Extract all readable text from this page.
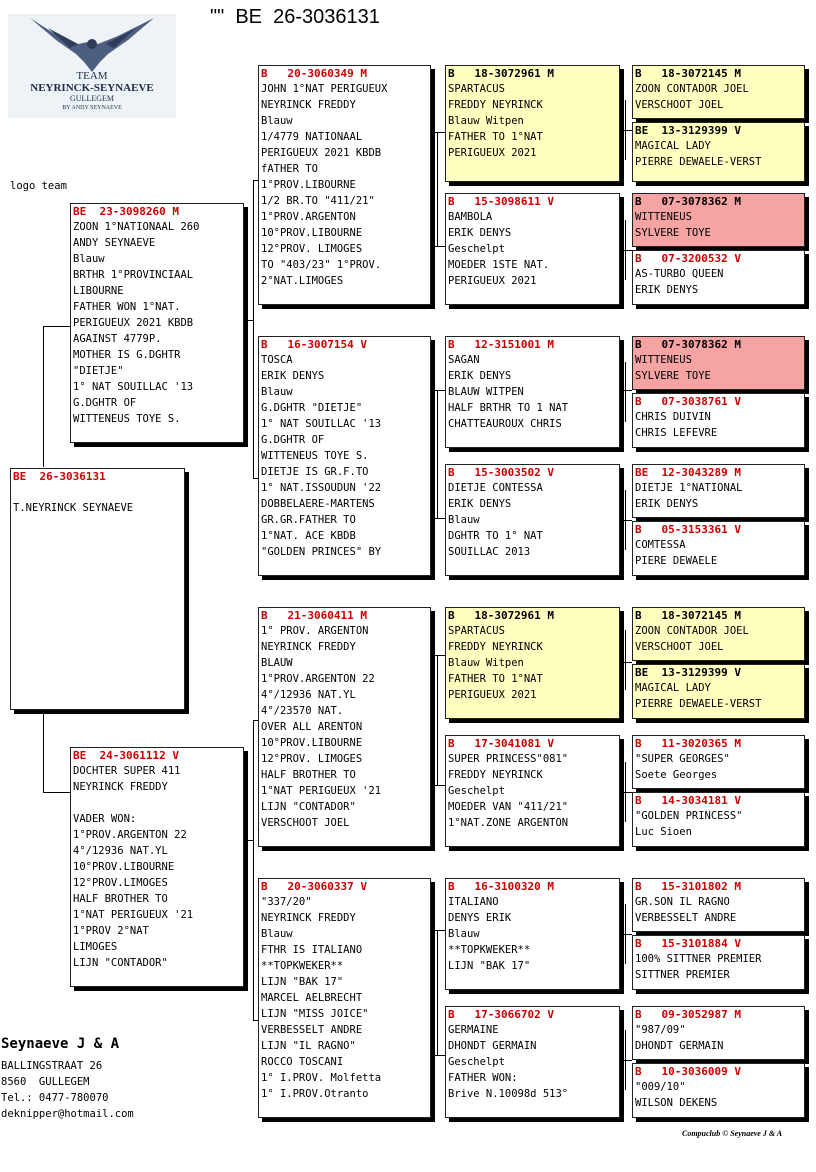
""  BE  26-3036131
TEAM
NEYRINCK-SEYNAEVE
GULLEGEM
BY ANDY SEYNAEVE
logo team
BE 26-3036131
T.NEYRINCK SEYNAEVE
BE 23-3098260 M
ZOON 1°NATIONAAL 260
ANDY SEYNAEVE
Blauw
BRTHR 1°PROVINCIAAL
LIBOURNE
FATHER WON 1°NAT.
PERIGUEUX 2021 KBDB
AGAINST 4779P.
MOTHER IS G.DGHTR
"DIETJE"
1° NAT SOUILLAC '13
G.DGHTR OF
WITTENEUS TOYE S.
BE 24-3061112 V
DOCHTER SUPER 411
NEYRINCK FREDDY
VADER WON:
1°PROV.ARGENTON 22
4°/12936 NAT.YL
10°PROV.LIBOURNE
12°PROV.LIMOGES
HALF BROTHER TO
1°NAT PERIGUEUX '21
1°PROV 2°NAT
LIMOGES
LIJN "CONTADOR"
B 20-3060349 M
JOHN 1°NAT PERIGUEUX
NEYRINCK FREDDY
Blauw
1/4779 NATIONAAL
PERIGUEUX 2021 KBDB
fATHER TO
1°PROV.LIBOURNE
1/2 BR.TO "411/21"
1°PROV.ARGENTON
10°PROV.LIBOURNE
12°PROV. LIMOGES
TO "403/23" 1°PROV.
2°NAT.LIMOGES
B 16-3007154 V
TOSCA
ERIK DENYS
Blauw
G.DGHTR "DIETJE"
1° NAT SOUILLAC '13
G.DGHTR OF
WITTENEUS TOYE S.
DIETJE IS GR.F.TO
1° NAT.ISSOUDUN '22
DOBBELAERE-MARTENS
GR.GR.FATHER TO
1°NAT. ACE KBDB
"GOLDEN PRINCES" BY
B 21-3060411 M
1° PROV. ARGENTON
NEYRINCK FREDDY
BLAUW
1°PROV.ARGENTON 22
4°/12936 NAT.YL
4°/23570 NAT.
OVER ALL ARENTON
10°PROV.LIBOURNE
12°PROV. LIMOGES
HALF BROTHER TO
1°NAT PERIGUEUX '21
LIJN "CONTADOR"
VERSCHOOT JOEL
B 20-3060337 V
"337/20"
NEYRINCK FREDDY
Blauw
FTHR IS ITALIANO
**TOPKWEKER**
LIJN "BAK 17"
MARCEL AELBRECHT
LIJN "MISS JOICE"
VERBESSELT ANDRE
LIJN "IL RAGNO"
ROCCO TOSCANI
1° I.PROV. Molfetta
1° I.PROV.Otranto
B 18-3072961 M
SPARTACUS
FREDDY NEYRINCK
Blauw Witpen
FATHER TO 1°NAT
PERIGUEUX 2021
B 15-3098611 V
BAMBOLA
ERIK DENYS
Geschelpt
MOEDER 1STE NAT.
PERIGUEUX 2021
B 12-3151001 M
SAGAN
ERIK DENYS
BLAUW WITPEN
HALF BRTHR TO 1 NAT
CHATTEAUROUX CHRIS
B 15-3003502 V
DIETJE CONTESSA
ERIK DENYS
Blauw
DGHTR TO 1° NAT
SOUILLAC 2013
B 18-3072961 M
SPARTACUS
FREDDY NEYRINCK
Blauw Witpen
FATHER TO 1°NAT
PERIGUEUX 2021
B 17-3041081 V
SUPER PRINCESS"081"
FREDDY NEYRINCK
Geschelpt
MOEDER VAN "411/21"
1°NAT.ZONE ARGENTON
B 16-3100320 M
ITALIANO
DENYS ERIK
Blauw
**TOPKWEKER**
LIJN "BAK 17"
B 17-3066702 V
GERMAINE
DHONDT GERMAIN
Geschelpt
FATHER WON:
Brive N.10098d 513°
B 18-3072145 M
ZOON CONTADOR JOEL
VERSCHOOT JOEL
BE 13-3129399 V
MAGICAL LADY
PIERRE DEWAELE-VERST
B 07-3078362 M
WITTENEUS
SYLVERE TOYE
B 07-3200532 V
AS-TURBO QUEEN
ERIK DENYS
B 07-3078362 M
WITTENEUS
SYLVERE TOYE
B 07-3038761 V
CHRIS DUIVIN
CHRIS LEFEVRE
BE 12-3043289 M
DIETJE 1°NATIONAL
ERIK DENYS
B 05-3153361 V
COMTESSA
PIERE DEWAELE
B 18-3072145 M
ZOON CONTADOR JOEL
VERSCHOOT JOEL
BE 13-3129399 V
MAGICAL LADY
PIERRE DEWAELE-VERST
B 11-3020365 M
"SUPER GEORGES"
Soete Georges
B 14-3034181 V
"GOLDEN PRINCESS"
Luc Sioen
B 15-3101802 M
GR.SON IL RAGNO
VERBESSELT ANDRE
B 15-3101884 V
100% SITTNER PREMIER
SITTNER PREMIER
B 09-3052987 M
"987/09"
DHONDT GERMAIN
B 10-3036009 V
"009/10"
WILSON DEKENS
Seynaeve J & A
BALLINGSTRAAT 26
8560  GULLEGEM
Tel.: 0477-780070
deknipper@hotmail.com
Compuclub © Seynaeve J & A
